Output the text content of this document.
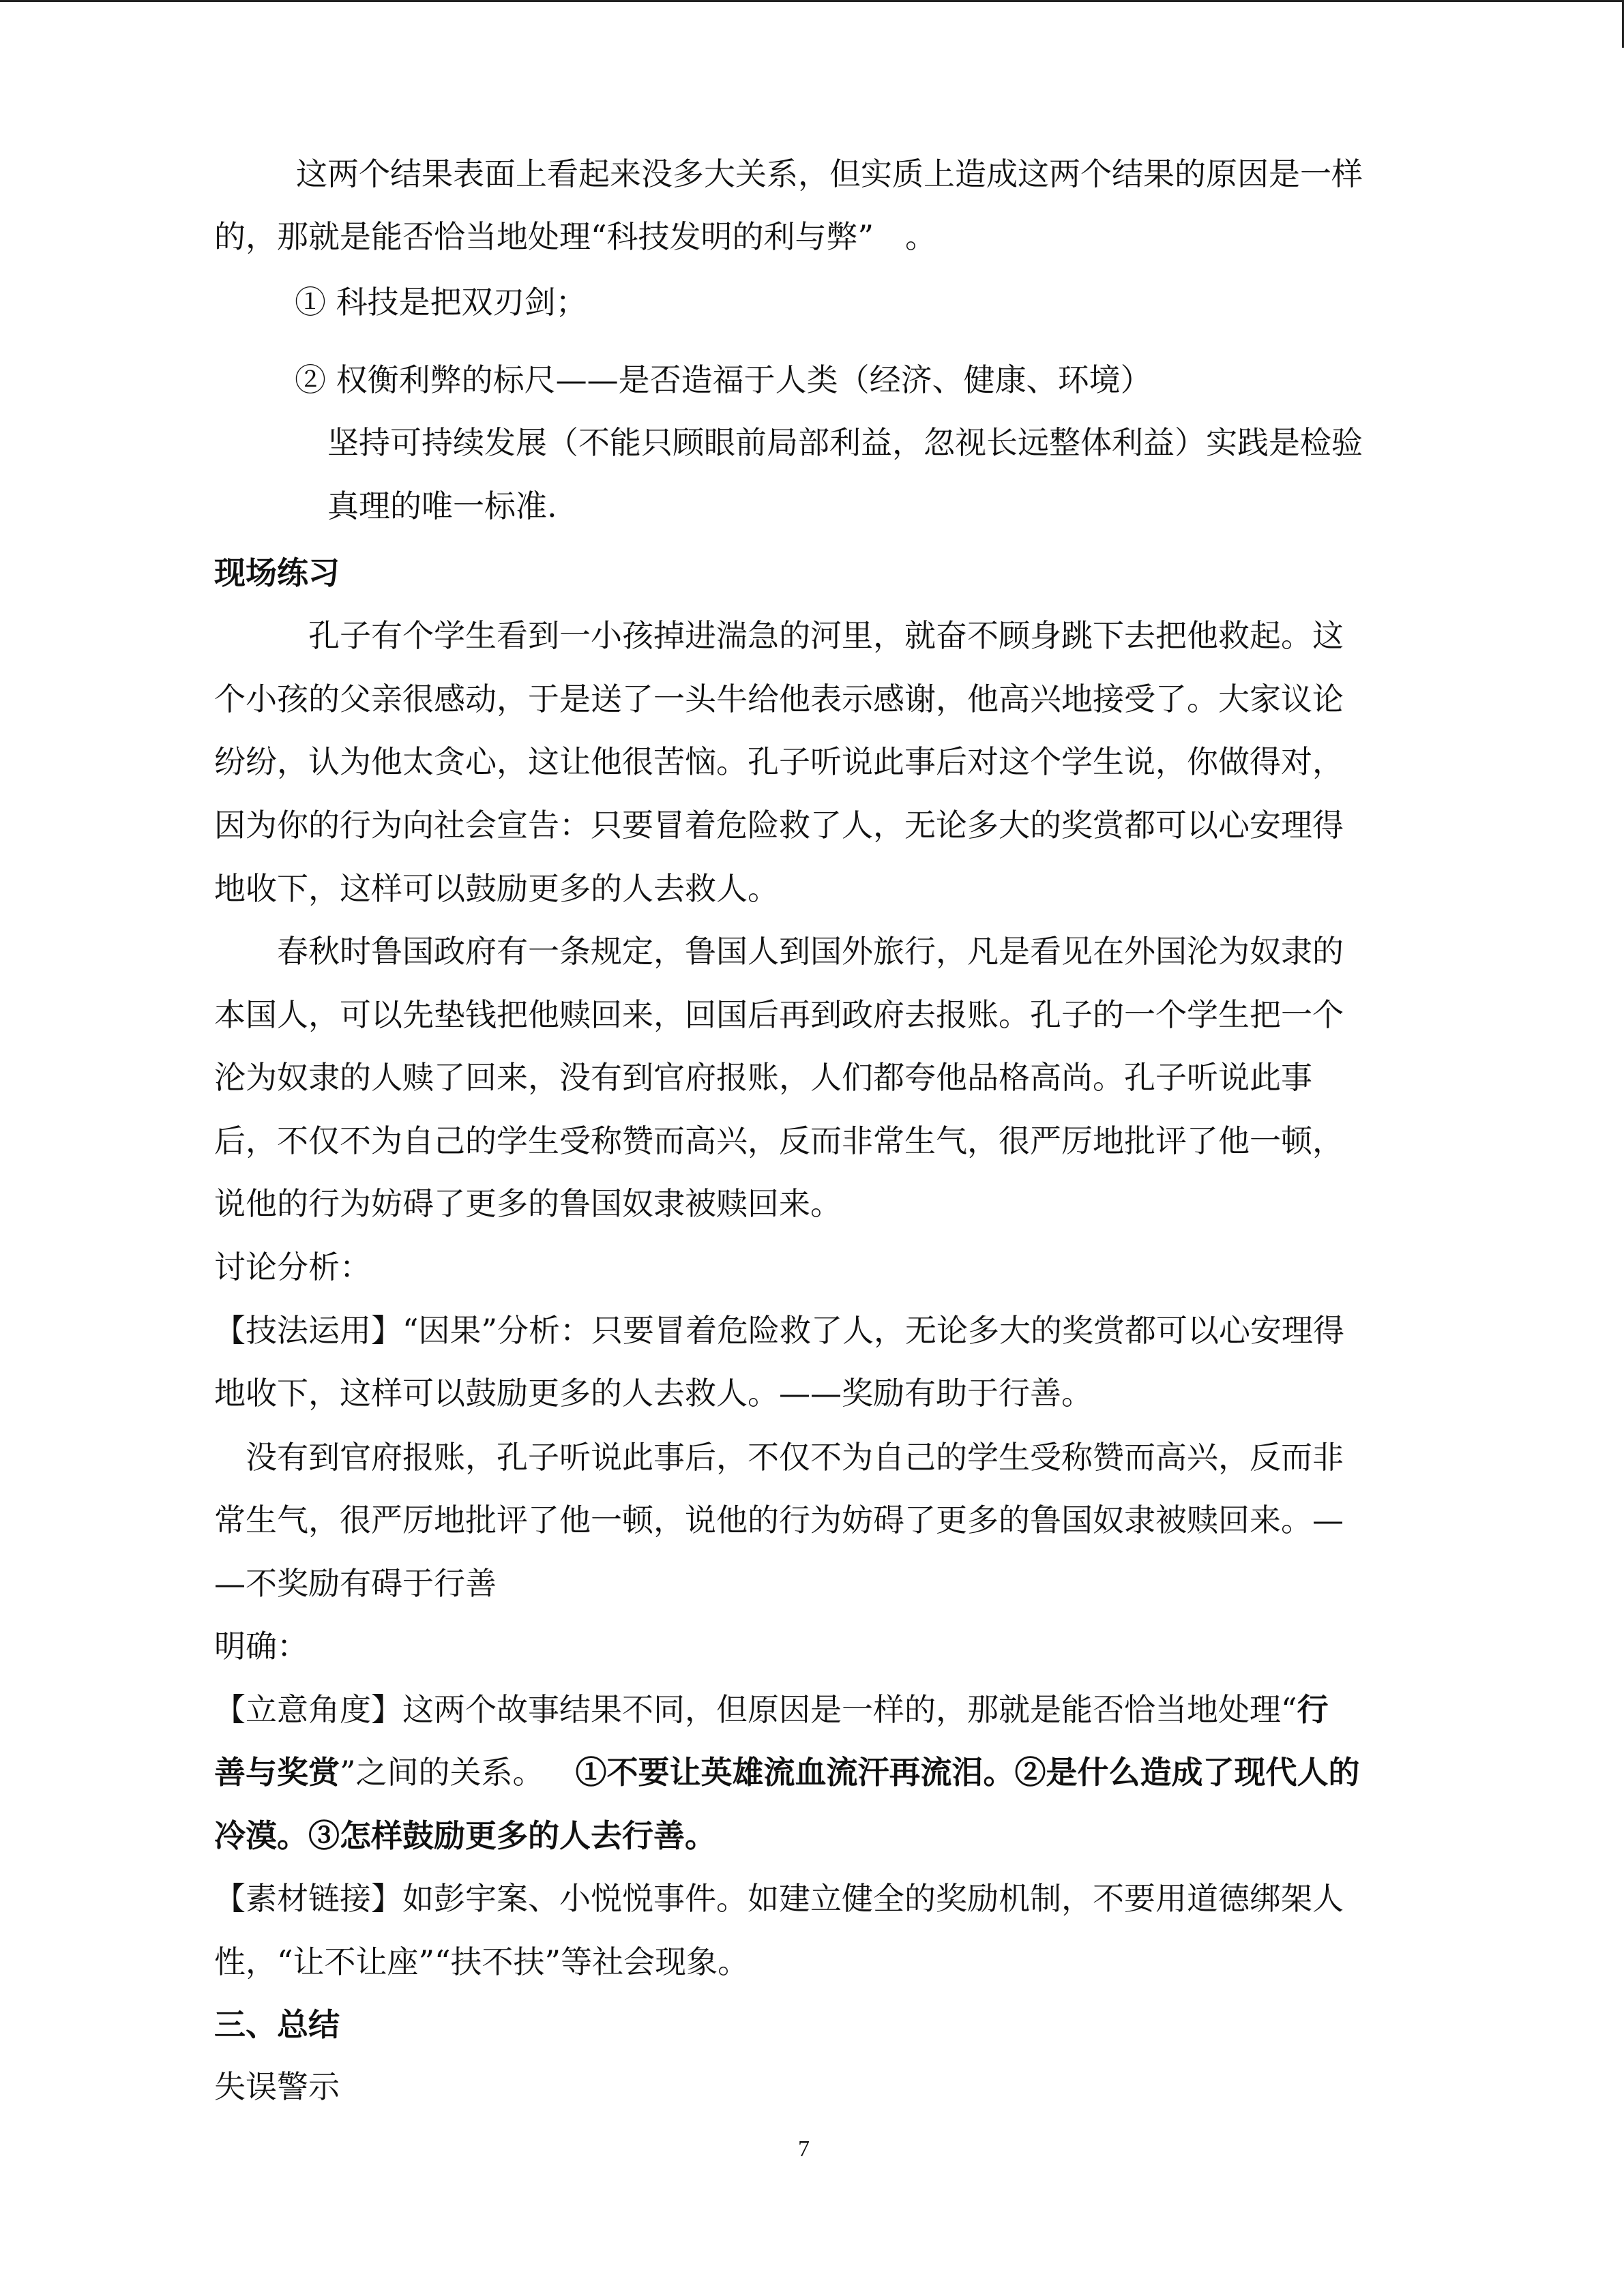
这两个结果表面上看起来没多大关系，但实质上造成这两个结果的原因是一样
的，那就是能否恰当地处理“科技发明的利与弊”　。
① 科技是把双刃剑；
② 权衡利弊的标尺——是否造福于人类（经济、健康、环境）
坚持可持续发展（不能只顾眼前局部利益，忽视长远整体利益）实践是检验
真理的唯一标准.
现场练习
孔子有个学生看到一小孩掉进湍急的河里，就奋不顾身跳下去把他救起。这
个小孩的父亲很感动，于是送了一头牛给他表示感谢，他高兴地接受了。大家议论
纷纷，认为他太贪心，这让他很苦恼。孔子听说此事后对这个学生说，你做得对，
因为你的行为向社会宣告：只要冒着危险救了人，无论多大的奖赏都可以心安理得
地收下，这样可以鼓励更多的人去救人。
春秋时鲁国政府有一条规定，鲁国人到国外旅行，凡是看见在外国沦为奴隶的
本国人，可以先垫钱把他赎回来，回国后再到政府去报账。孔子的一个学生把一个
沦为奴隶的人赎了回来，没有到官府报账，人们都夸他品格高尚。孔子听说此事
后，不仅不为自己的学生受称赞而高兴，反而非常生气，很严厉地批评了他一顿，
说他的行为妨碍了更多的鲁国奴隶被赎回来。
讨论分析：
【技法运用】“因果”分析：只要冒着危险救了人，无论多大的奖赏都可以心安理得
地收下，这样可以鼓励更多的人去救人。——奖励有助于行善。
没有到官府报账，孔子听说此事后，不仅不为自己的学生受称赞而高兴，反而非
常生气，很严厉地批评了他一顿，说他的行为妨碍了更多的鲁国奴隶被赎回来。—
—不奖励有碍于行善
明确：
【立意角度】这两个故事结果不同，但原因是一样的，那就是能否恰当地处理“行
善与奖赏”之间的关系。 ①不要让英雄流血流汗再流泪。②是什么造成了现代人的
冷漠。③怎样鼓励更多的人去行善。
【素材链接】如彭宇案、小悦悦事件。如建立健全的奖励机制，不要用道德绑架人
性，“让不让座”“扶不扶”等社会现象。
三、总结
失误警示
7
